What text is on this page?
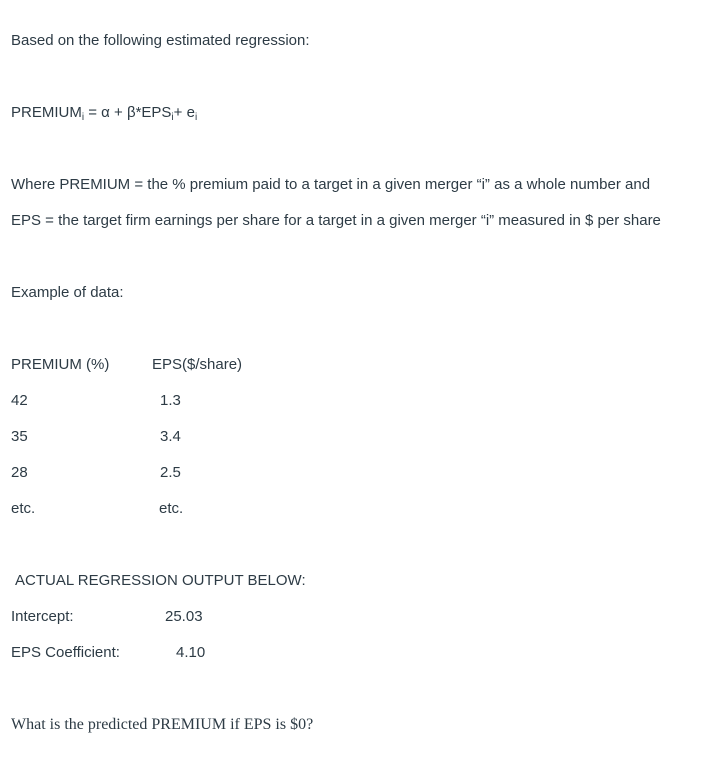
Based on the following estimated regression:
$PREMIUM_i = \alpha + \beta*EPS_i+ e_i$
Where PREMIUM = the % premium paid to a target in a given merger “i” as a whole number and
EPS = the target firm earnings per share for a target in a given merger “i” measured in $ per share
Example of data:
PREMIUM (%)	EPS($/share)
42	1.3
35	3.4
28	2.5
etc.	etc.
ACTUAL REGRESSION OUTPUT BELOW:
Intercept:	25.03
EPS Coefficient:	4.10
What is the predicted PREMIUM if EPS is $0?
